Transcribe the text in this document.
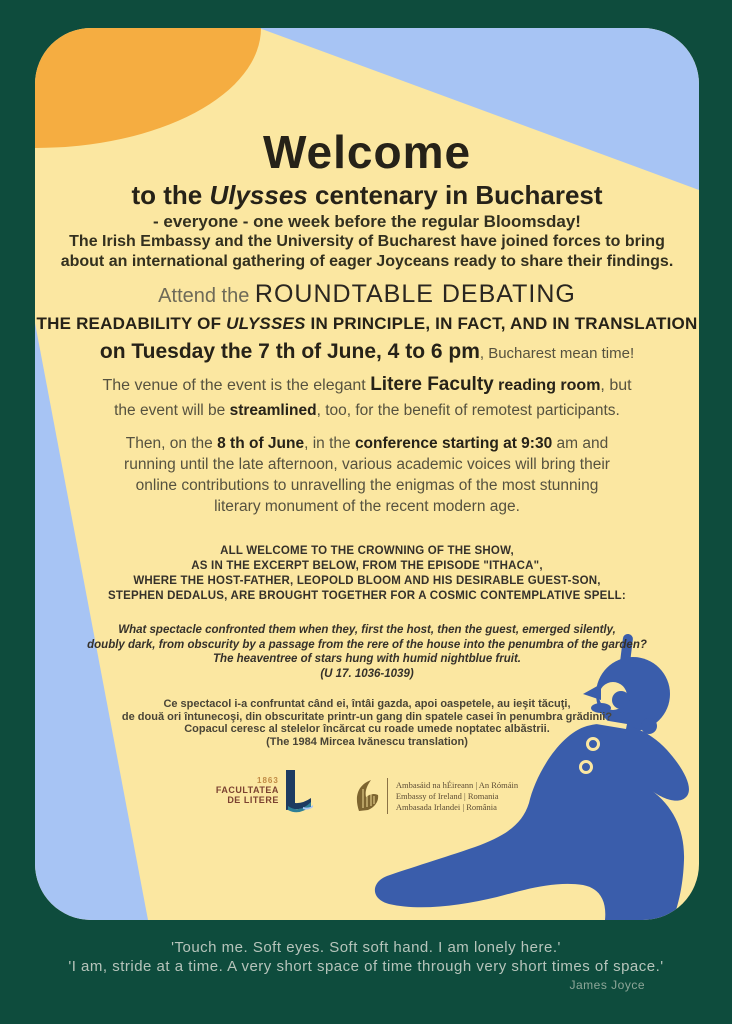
Welcome
to the Ulysses centenary in Bucharest
- everyone - one week before the regular Bloomsday!
The Irish Embassy and the University of Bucharest have joined forces to bring
about an international gathering of eager Joyceans ready to share their findings.
Attend the ROUNDTABLE DEBATING
THE READABILITY OF ULYSSES IN PRINCIPLE, IN FACT, AND IN TRANSLATION
on Tuesday the 7 th of June, 4 to 6 pm, Bucharest mean time!
The venue of the event is the elegant Litere Faculty reading room, but
the event will be streamlined, too, for the benefit of remotest participants.
Then, on the 8 th of June, in the conference starting at 9:30 am and
running until the late afternoon, various academic voices will bring their
online contributions to unravelling the enigmas of the most stunning
literary monument of the recent modern age.
ALL WELCOME TO THE CROWNING OF THE SHOW,
AS IN THE EXCERPT BELOW, FROM THE EPISODE "ITHACA",
WHERE THE HOST-FATHER, LEOPOLD BLOOM AND HIS DESIRABLE GUEST-SON,
STEPHEN DEDALUS, ARE BROUGHT TOGETHER FOR A COSMIC CONTEMPLATIVE SPELL:
What spectacle confronted them when they, first the host, then the guest, emerged silently,
doubly dark, from obscurity by a passage from the rere of the house into the penumbra of the garden?
The heaventree of stars hung with humid nightblue fruit.
(U 17. 1036-1039)
Ce spectacol i-a confruntat când ei, întâi gazda, apoi oaspetele, au ieşit tăcuţi,
de două ori întunecoşi, din obscuritate printr-un gang din spatele casei în penumbra grădinii?
Copacul ceresc al stelelor încărcat cu roade umede noptatec albăstrii.
(The 1984 Mircea Ivănescu translation)
1863
FACULTATEA
DE LITERE
Ambasáid na hÉireann | An Rómáin
Embassy of Ireland | Romania
Ambasada Irlandei | România
'Touch me. Soft eyes. Soft soft hand. I am lonely here.'
'I am, stride at a time. A very short space of time through very short times of space.'
James Joyce
